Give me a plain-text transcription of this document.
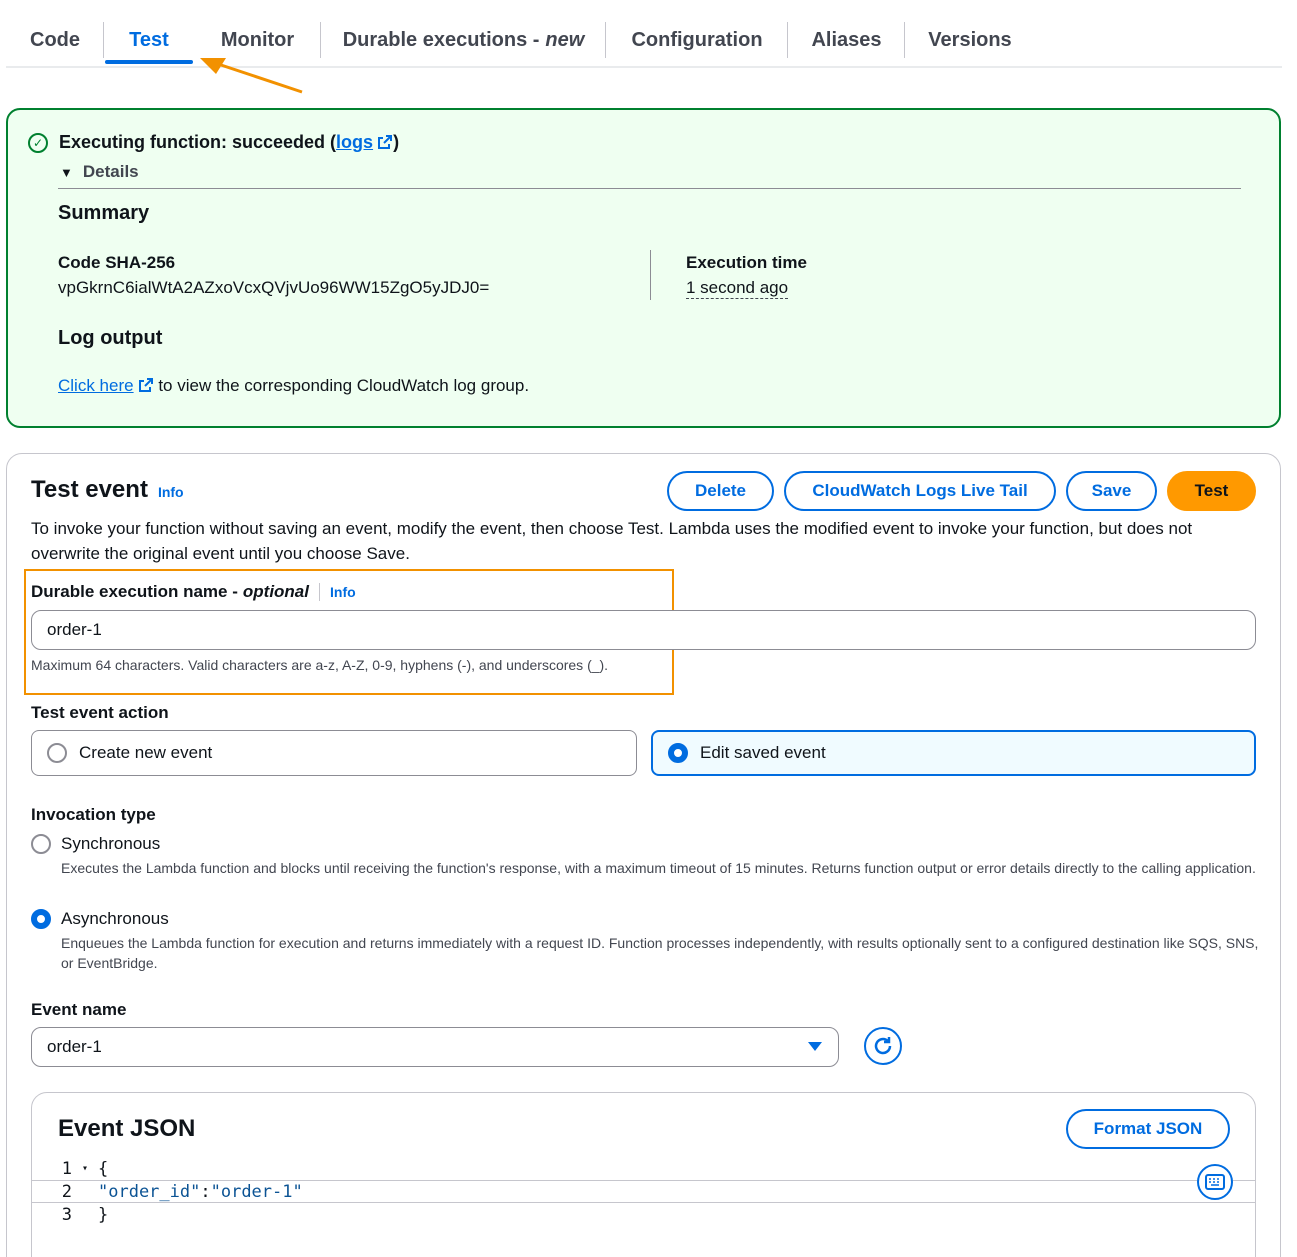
Code Test	Monitor Durable executions - new Configuration Aliases Versions
✓ Executing function: succeeded ( logs	)
▼ Details
Summary
Code SHA-256
vpGkrnC6ialWtA2AZxoVcxQVjvUo96WW15ZgO5yJDJ0=
Execution time
1 second ago
Log output
Click here to view the corresponding CloudWatch log group.
Test event Info	Delete	CloudWatch Logs Live Tail	Save	Test
To invoke your function without saving an event, modify the event, then choose Test. Lambda uses the modified event to invoke your function, but does not overwrite the original event until you choose Save.
Durable execution name - optional Info
order-1
Maximum 64 characters. Valid characters are a-z, A-Z, 0-9, hyphens (-), and underscores (_).
Test event action
Create new event	Edit saved event
Invocation type
Synchronous
Executes the Lambda function and blocks until receiving the function's response, with a maximum timeout of 15 minutes. Returns function output or error details directly to the calling application.
Asynchronous
Enqueues the Lambda function for execution and returns immediately with a request ID. Function processes independently, with results optionally sent to a configured destination like SQS, SNS, or EventBridge.
Event name
order-1
Event JSON	Format JSON
1 ▾ {
2 "order_id" : "order-1"
3 }
